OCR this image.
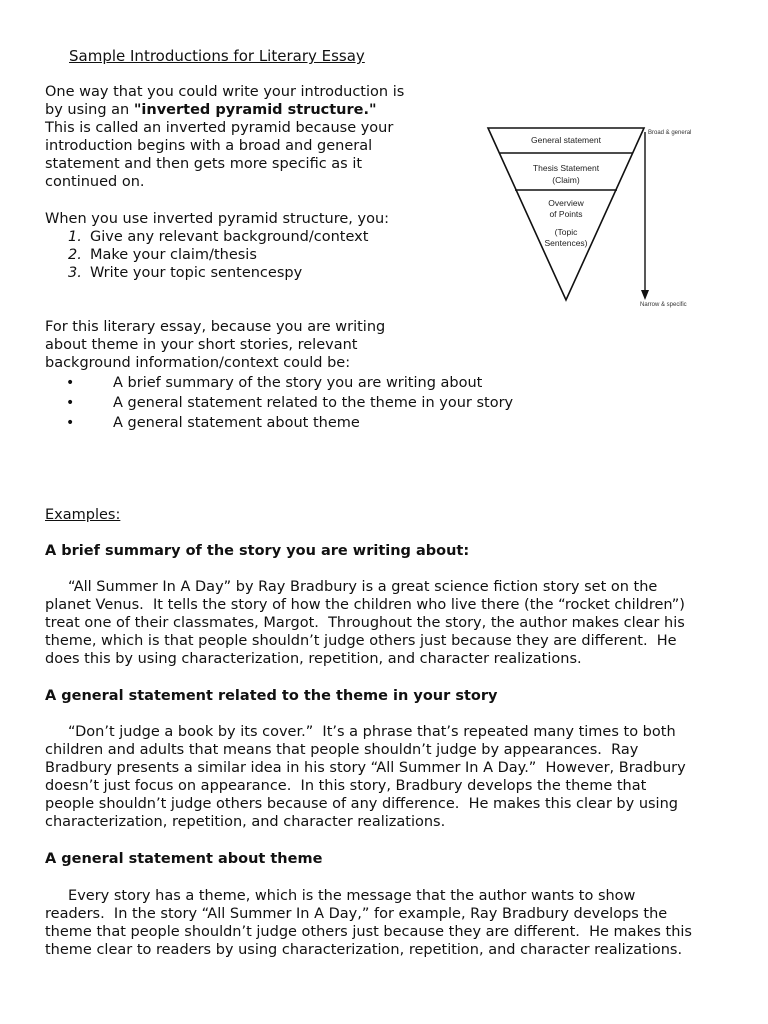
Sample Introductions for Literary Essay
One way that you could write your introduction is
by using an "inverted pyramid structure."
This is called an inverted pyramid because your
introduction begins with a broad and general
statement and then gets more specific as it
continued on.
When you use inverted pyramid structure, you:
1. Give any relevant background/context
2. Make your claim/thesis
3. Write your topic sentencespy
For this literary essay, because you are writing
about theme in your short stories, relevant
background information/context could be:
•	A brief summary of the story you are writing about
•	A general statement related to the theme in your story
•	A general statement about theme
General statement
Thesis Statement
(Claim)
Overview
of Points
(Topic
Sentences)
Broad & general
Narrow & specific
Examples:
A brief summary of the story you are writing about:
“All Summer In A Day” by Ray Bradbury is a great science fiction story set on the
planet Venus.  It tells the story of how the children who live there (the “rocket children”)
treat one of their classmates, Margot.  Throughout the story, the author makes clear his
theme, which is that people shouldn’t judge others just because they are different.  He
does this by using characterization, repetition, and character realizations.
A general statement related to the theme in your story
“Don’t judge a book by its cover.”  It’s a phrase that’s repeated many times to both
children and adults that means that people shouldn’t judge by appearances.  Ray
Bradbury presents a similar idea in his story “All Summer In A Day.”  However, Bradbury
doesn’t just focus on appearance.  In this story, Bradbury develops the theme that
people shouldn’t judge others because of any difference.  He makes this clear by using
characterization, repetition, and character realizations.
A general statement about theme
Every story has a theme, which is the message that the author wants to show
readers.  In the story “All Summer In A Day,” for example, Ray Bradbury develops the
theme that people shouldn’t judge others just because they are different.  He makes this
theme clear to readers by using characterization, repetition, and character realizations.
